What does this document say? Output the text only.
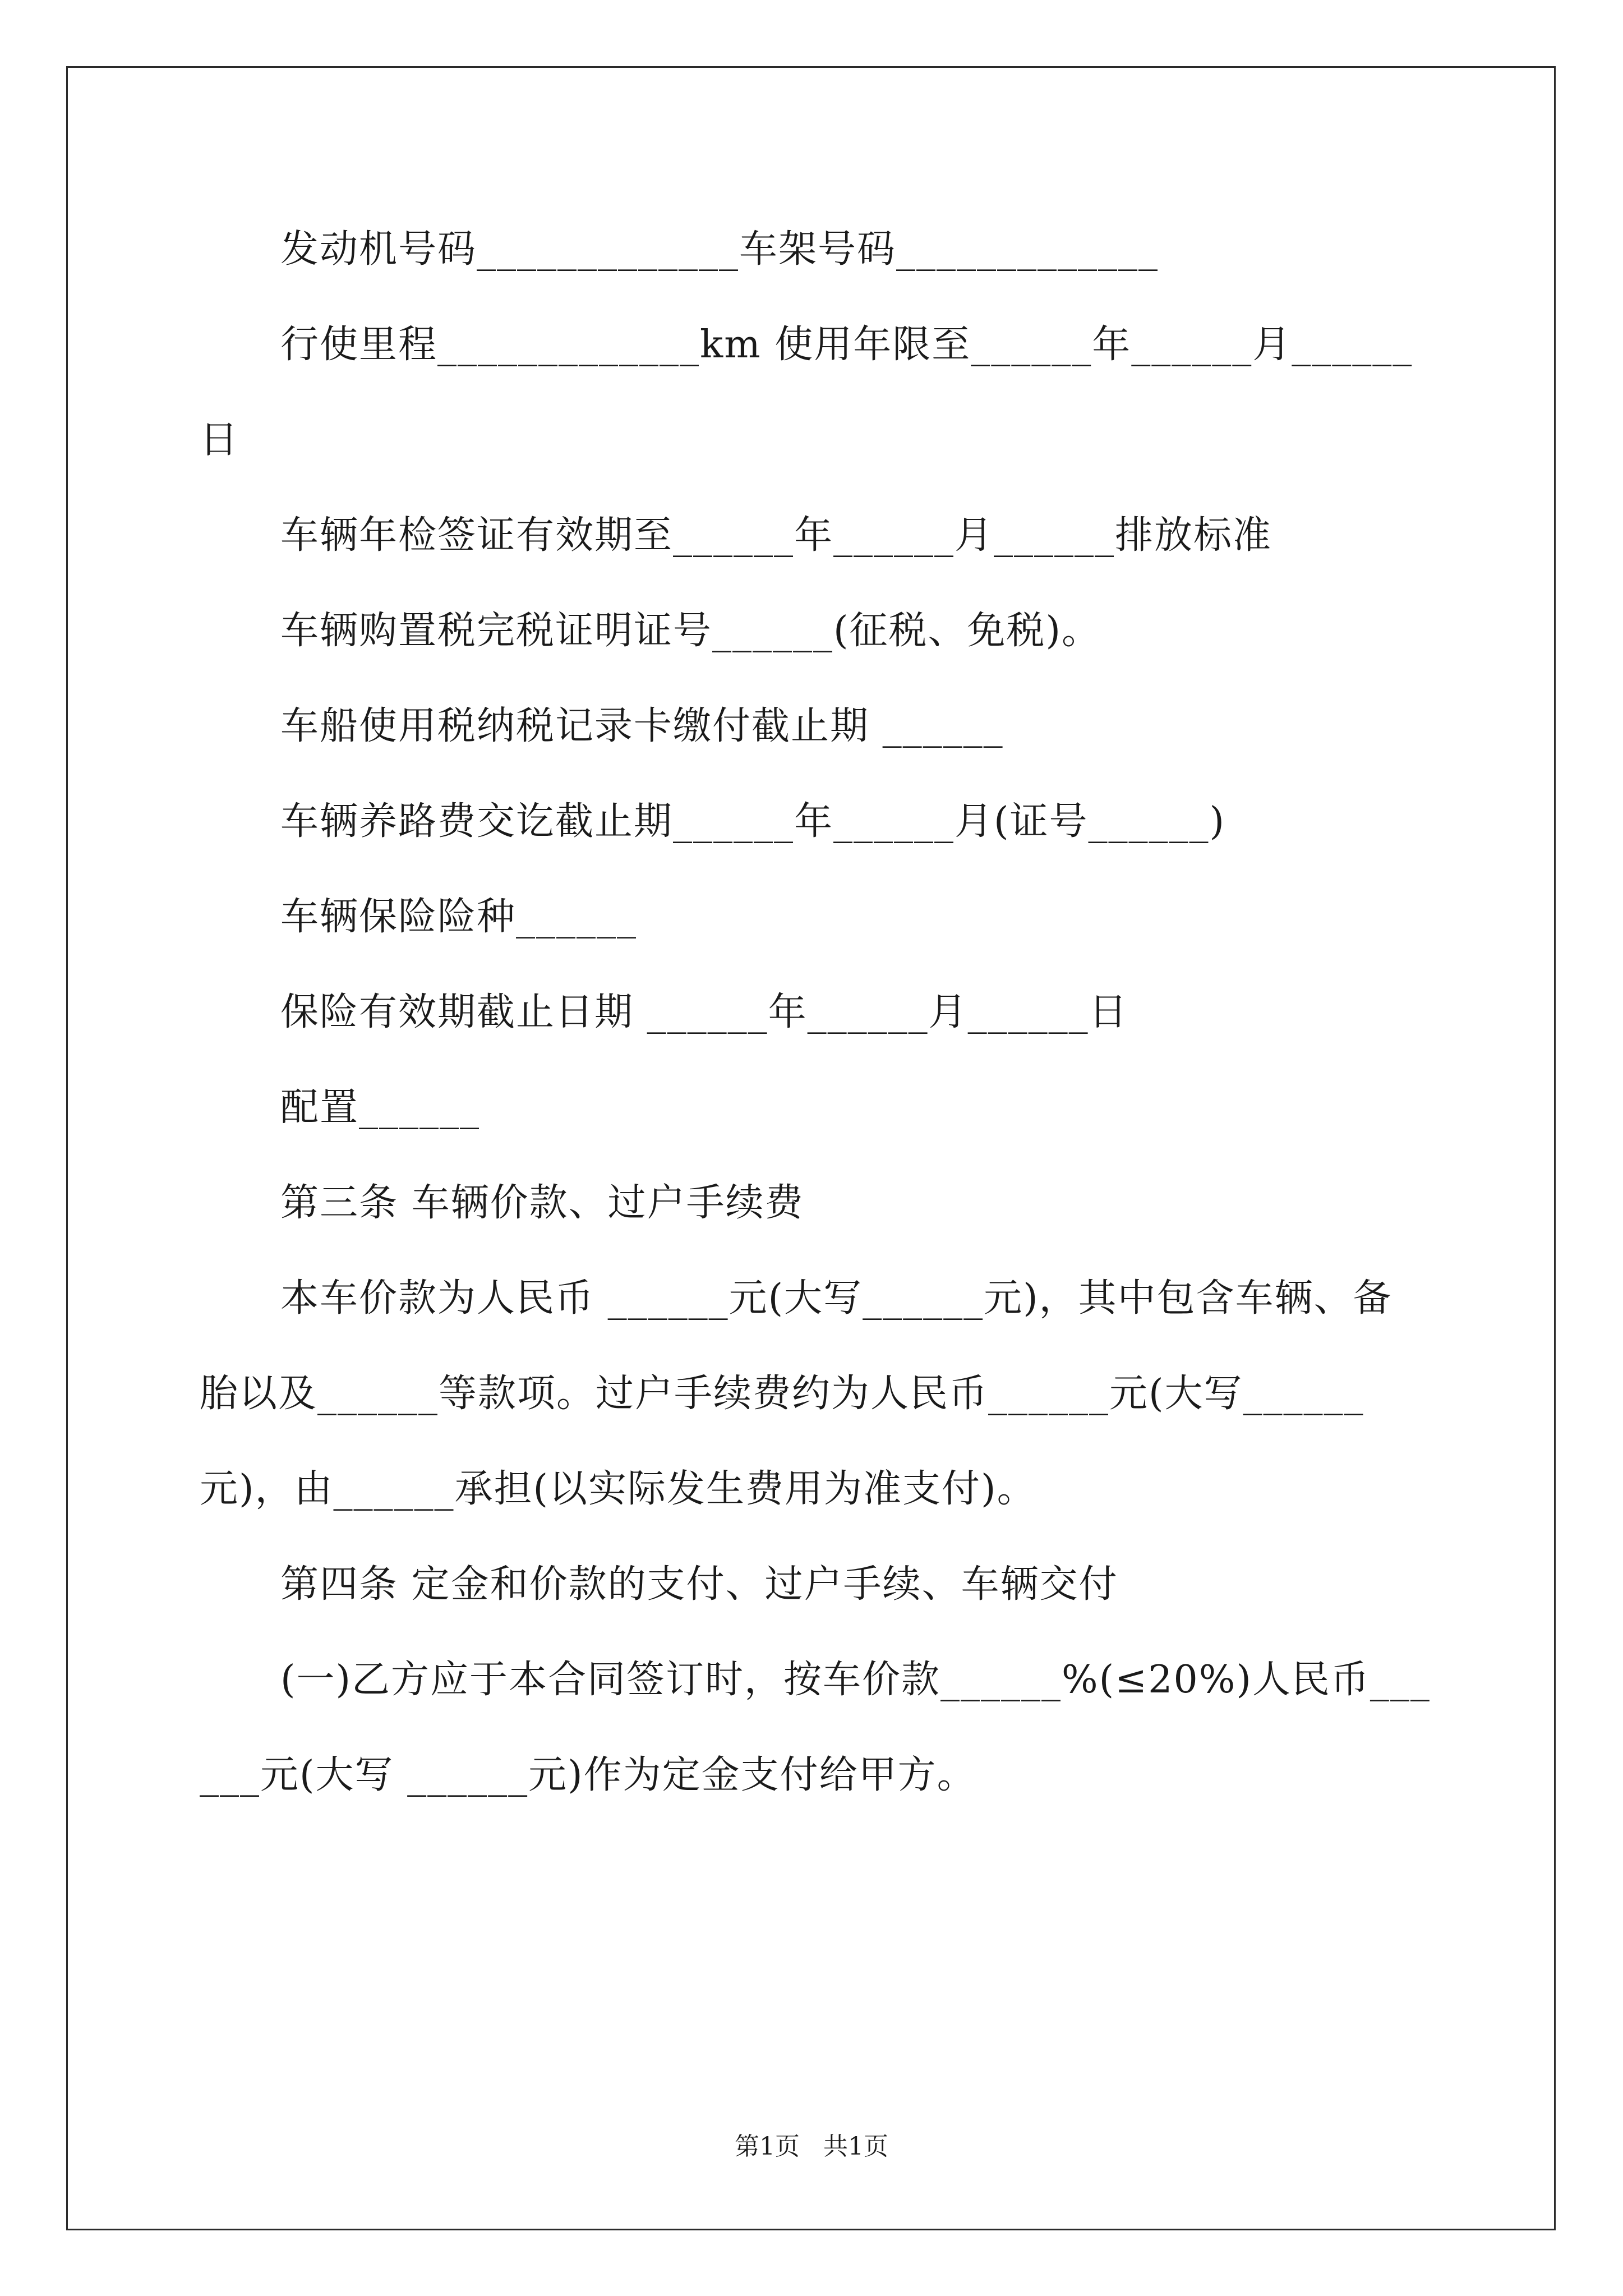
发动机号码_____________车架号码_____________

行使里程_____________km 使用年限至______年______月______日

车辆年检签证有效期至______年______月______排放标准

车辆购置税完税证明证号______(征税、免税)。

车船使用税纳税记录卡缴付截止期 ______

车辆养路费交讫截止期______年______月(证号______)

车辆保险险种______

保险有效期截止日期 ______年______月______日

配置______

第三条 车辆价款、过户手续费

本车价款为人民币 ______元(大写______元)，其中包含车辆、备胎以及______等款项。过户手续费约为人民币______元(大写______元)，由______承担(以实际发生费用为准支付)。

第四条 定金和价款的支付、过户手续、车辆交付

(一)乙方应于本合同签订时，按车价款______%(≤20%)人民币______元(大写 ______元)作为定金支付给甲方。

第1页   共1页
